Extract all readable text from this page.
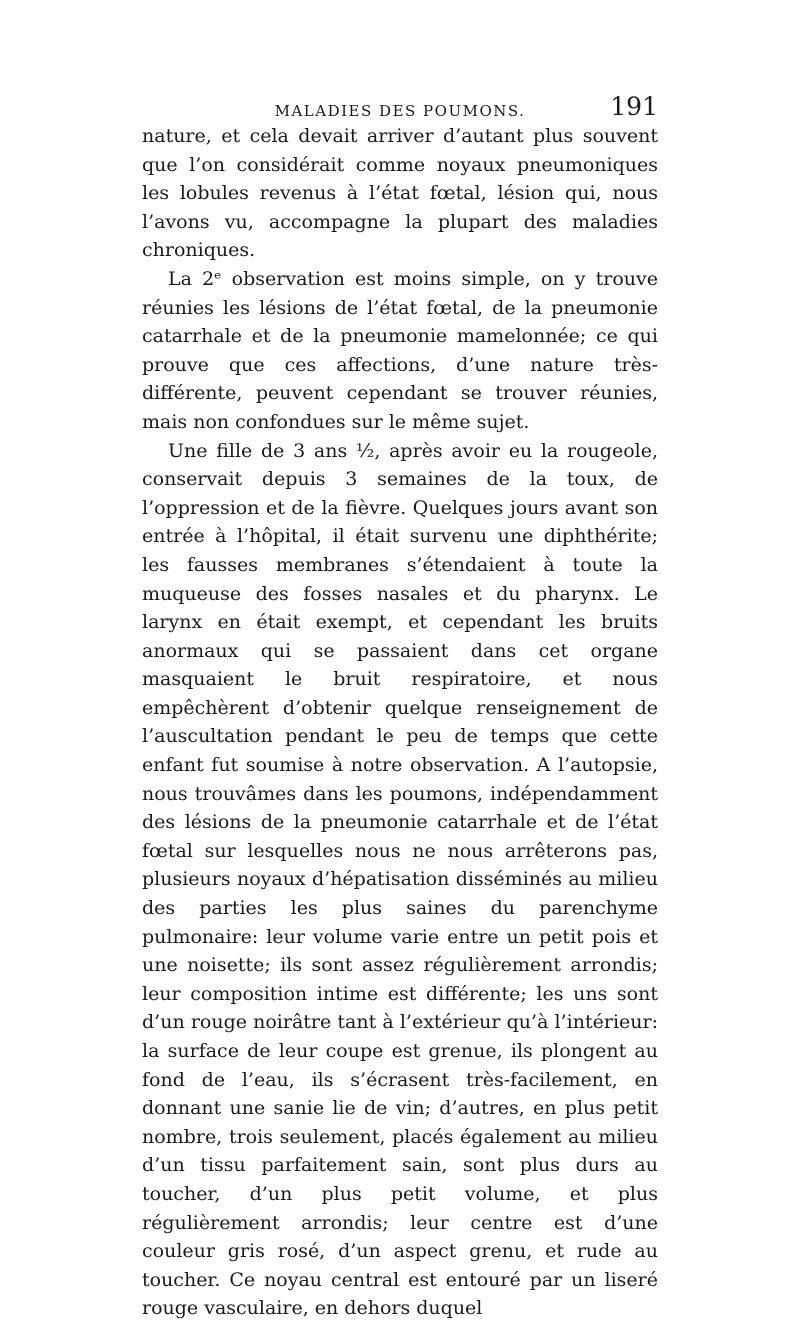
MALADIES DES POUMONS.	191

nature, et cela devait arriver d’autant plus souvent que l’on considérait comme noyaux pneumoniques les lobules revenus à l’état fœtal, lésion qui, nous l’avons vu, accompagne la plupart des maladies chroniques.

La 2ᵉ observation est moins simple, on y trouve réunies les lésions de l’état fœtal, de la pneumonie catarrhale et de la pneumonie mamelonnée; ce qui prouve que ces affections, d’une nature très-différente, peuvent cependant se trouver réunies, mais non confondues sur le même sujet.

Une fille de 3 ans ½, après avoir eu la rougeole, conservait depuis 3 semaines de la toux, de l’oppression et de la fièvre. Quelques jours avant son entrée à l’hôpital, il était survenu une diphthérite; les fausses membranes s’étendaient à toute la muqueuse des fosses nasales et du pharynx. Le larynx en était exempt, et cependant les bruits anormaux qui se passaient dans cet organe masquaient le bruit respiratoire, et nous empêchèrent d’obtenir quelque renseignement de l’auscultation pendant le peu de temps que cette enfant fut soumise à notre observation. A l’autopsie, nous trouvâmes dans les poumons, indépendamment des lésions de la pneumonie catarrhale et de l’état fœtal sur lesquelles nous ne nous arrêterons pas, plusieurs noyaux d’hépatisation disséminés au milieu des parties les plus saines du parenchyme pulmonaire: leur volume varie entre un petit pois et une noisette; ils sont assez régulièrement arrondis; leur composition intime est différente; les uns sont d’un rouge noirâtre tant à l’extérieur qu’à l’intérieur: la surface de leur coupe est grenue, ils plongent au fond de l’eau, ils s’écrasent très-facilement, en donnant une sanie lie de vin; d’autres, en plus petit nombre, trois seulement, placés également au milieu d’un tissu parfaitement sain, sont plus durs au toucher, d’un plus petit volume, et plus régulièrement arrondis; leur centre est d’une couleur gris rosé, d’un aspect grenu, et rude au toucher. Ce noyau central est entouré par un liseré rouge vasculaire, en dehors duquel
